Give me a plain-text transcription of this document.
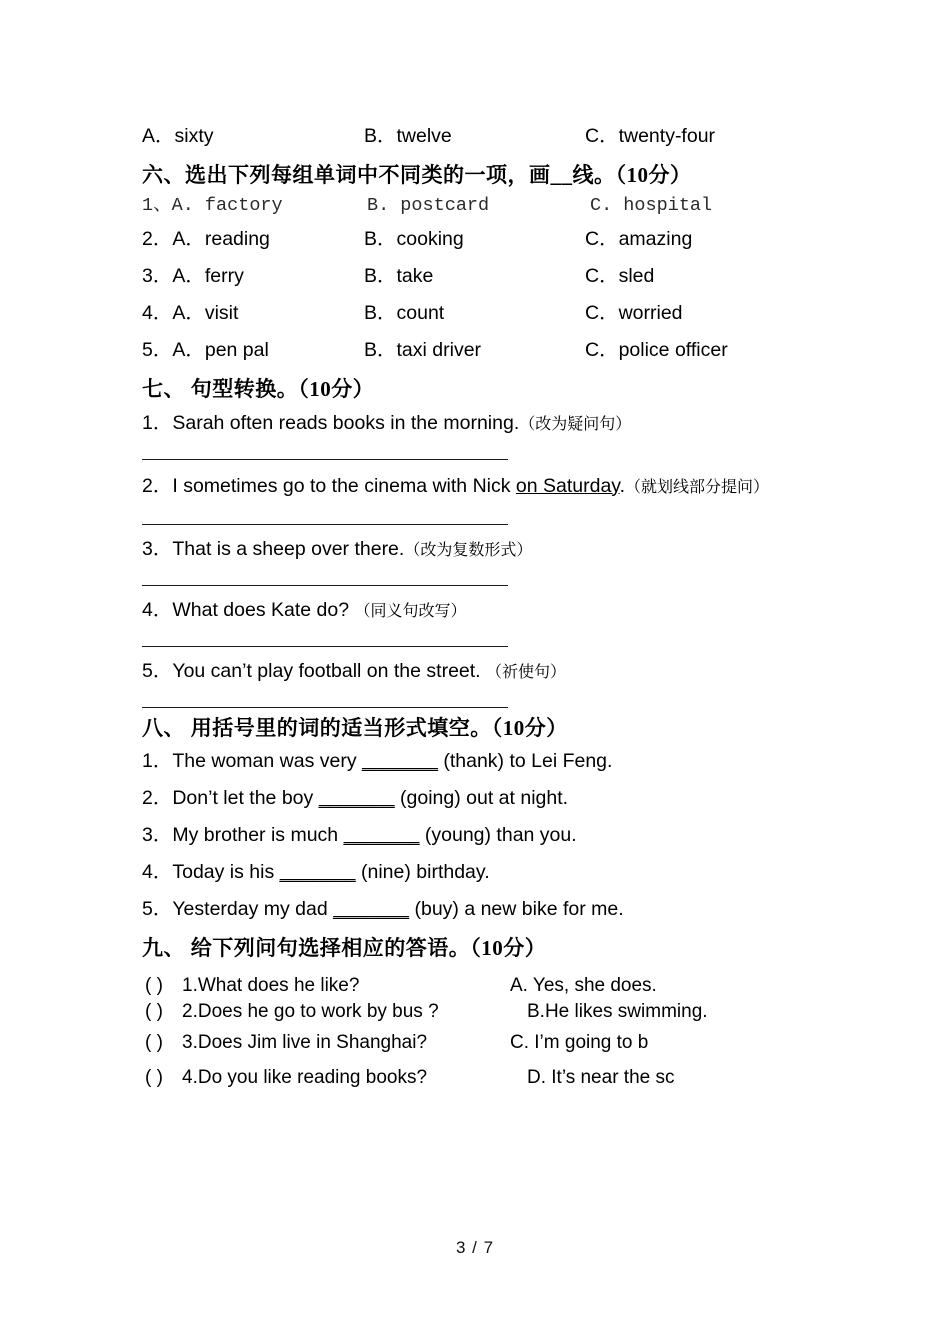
A．sixty	B．twelve	C．twenty-four
六、选出下列每组单词中不同类的一项，画__线。（10分）
1、A. factory	B. postcard	C. hospital
2．A．reading	B．cooking	C．amazing
3．A．ferry	B．take	C．sled
4．A．visit	B．count	C．worried
5．A．pen pal	B．taxi driver	C．police officer
七、 句型转换。（10分）
1．Sarah often reads books in the morning.（改为疑问句）
2．I sometimes go to the cinema with Nick on Saturday.（就划线部分提问）
3．That is a sheep over there.（改为复数形式）
4．What does Kate do? （同义句改写）
5．You can’t play football on the street. （祈使句）
八、 用括号里的词的适当形式填空。（10分）
1．The woman was very _______ (thank) to Lei Feng.
2．Don’t let the boy _______ (going) out at night.
3．My brother is much _______ (young) than you.
4．Today is his _______ (nine) birthday.
5．Yesterday my dad _______ (buy) a new bike for me.
九、 给下列问句选择相应的答语。（10分）
( ) 1.What does he like?	A. Yes, she does.
( ) 2.Does he go to work by bus ?	B.He likes swimming.
( ) 3.Does Jim live in Shanghai?	C. I’m going to b
( ) 4.Do you like reading books?	D. It’s near the sc
3 / 7
